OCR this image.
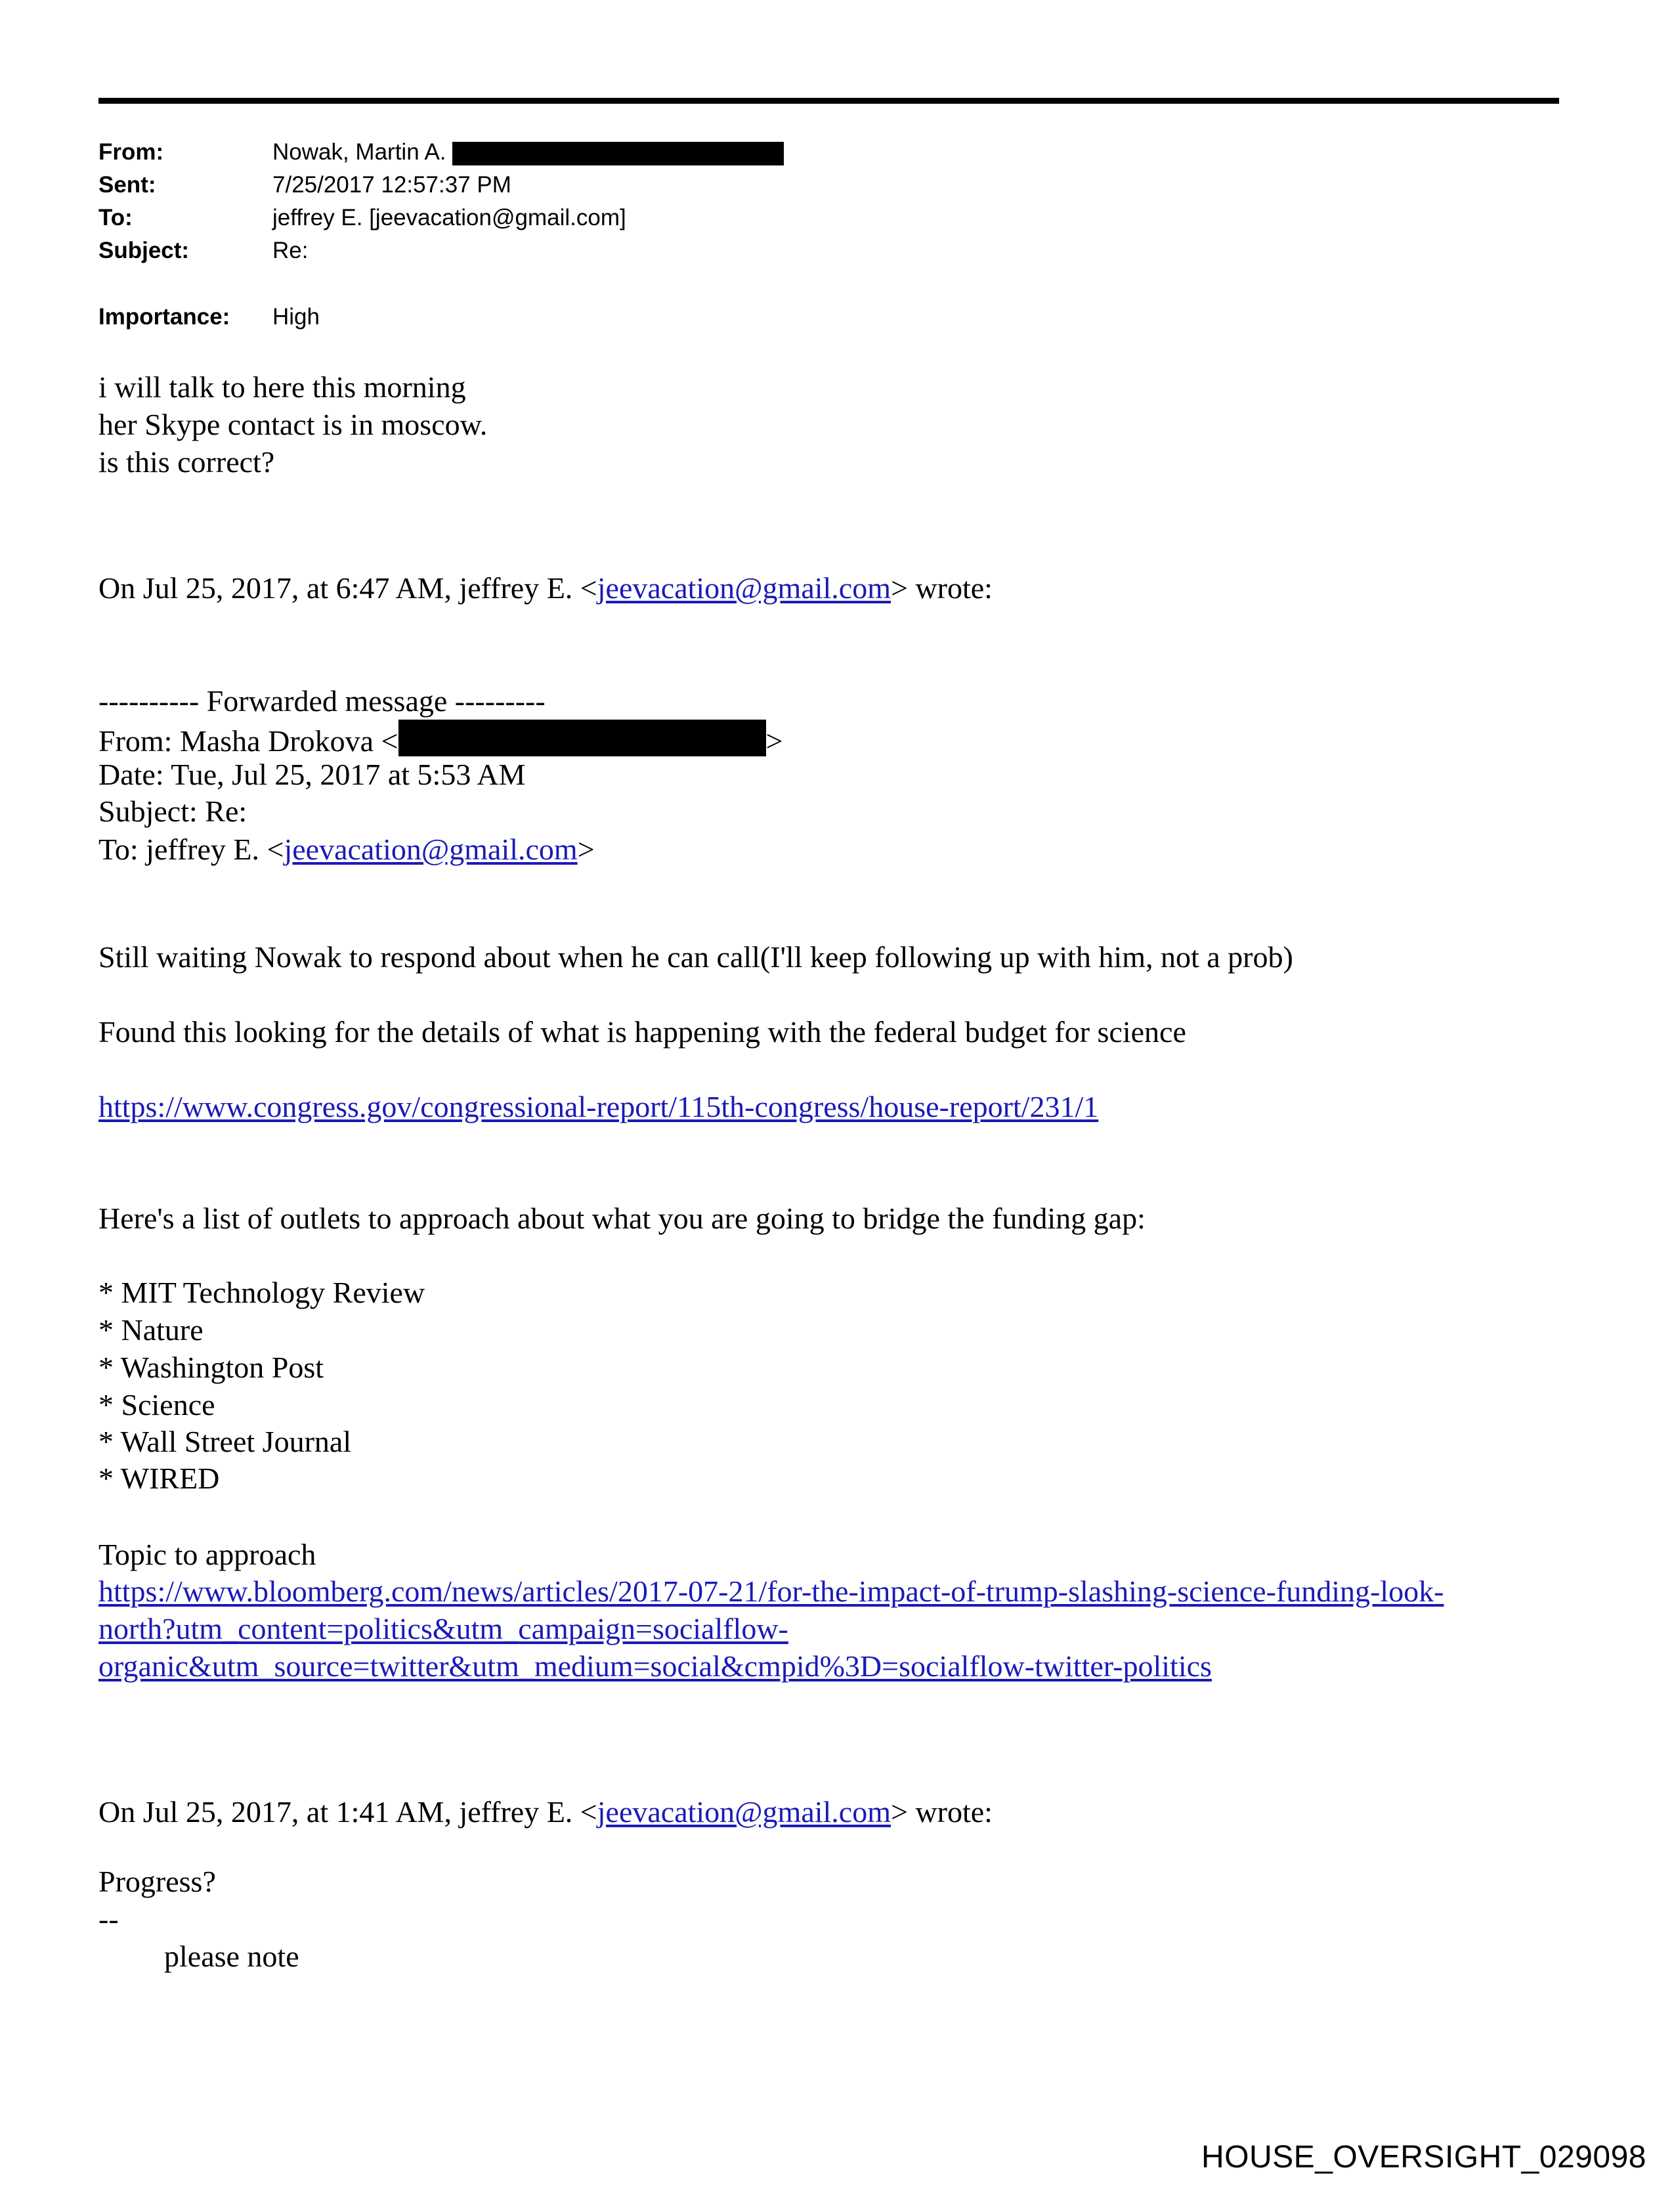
From:	Nowak, Martin A.
Sent:	7/25/2017 12:57:37 PM
To:	jeffrey E. [jeevacation@gmail.com]
Subject:	Re:
Importance: High
i will talk to here this morning
her Skype contact is in moscow.
is this correct?
On Jul 25, 2017, at 6:47 AM, jeffrey E. <jeevacation@gmail.com> wrote:
---------- Forwarded message ---------
From: Masha Drokova <	>
Date: Tue, Jul 25, 2017 at 5:53 AM
Subject: Re:
To: jeffrey E. <jeevacation@gmail.com>
Still waiting Nowak to respond about when he can call(I'll keep following up with him, not a prob)
Found this looking for the details of what is happening with the federal budget for science
https://www.congress.gov/congressional-report/115th-congress/house-report/231/1
Here's a list of outlets to approach about what you are going to bridge the funding gap:
* MIT Technology Review
* Nature
* Washington Post
* Science
* Wall Street Journal
* WIRED
Topic to approach
https://www.bloomberg.com/news/articles/2017-07-21/for-the-impact-of-trump-slashing-science-funding-look-
north?utm_content=politics&utm_campaign=socialflow-
organic&utm_source=twitter&utm_medium=social&cmpid%3D=socialflow-twitter-politics
On Jul 25, 2017, at 1:41 AM, jeffrey E. <jeevacation@gmail.com> wrote:
Progress?
--
please note
HOUSE_OVERSIGHT_029098
